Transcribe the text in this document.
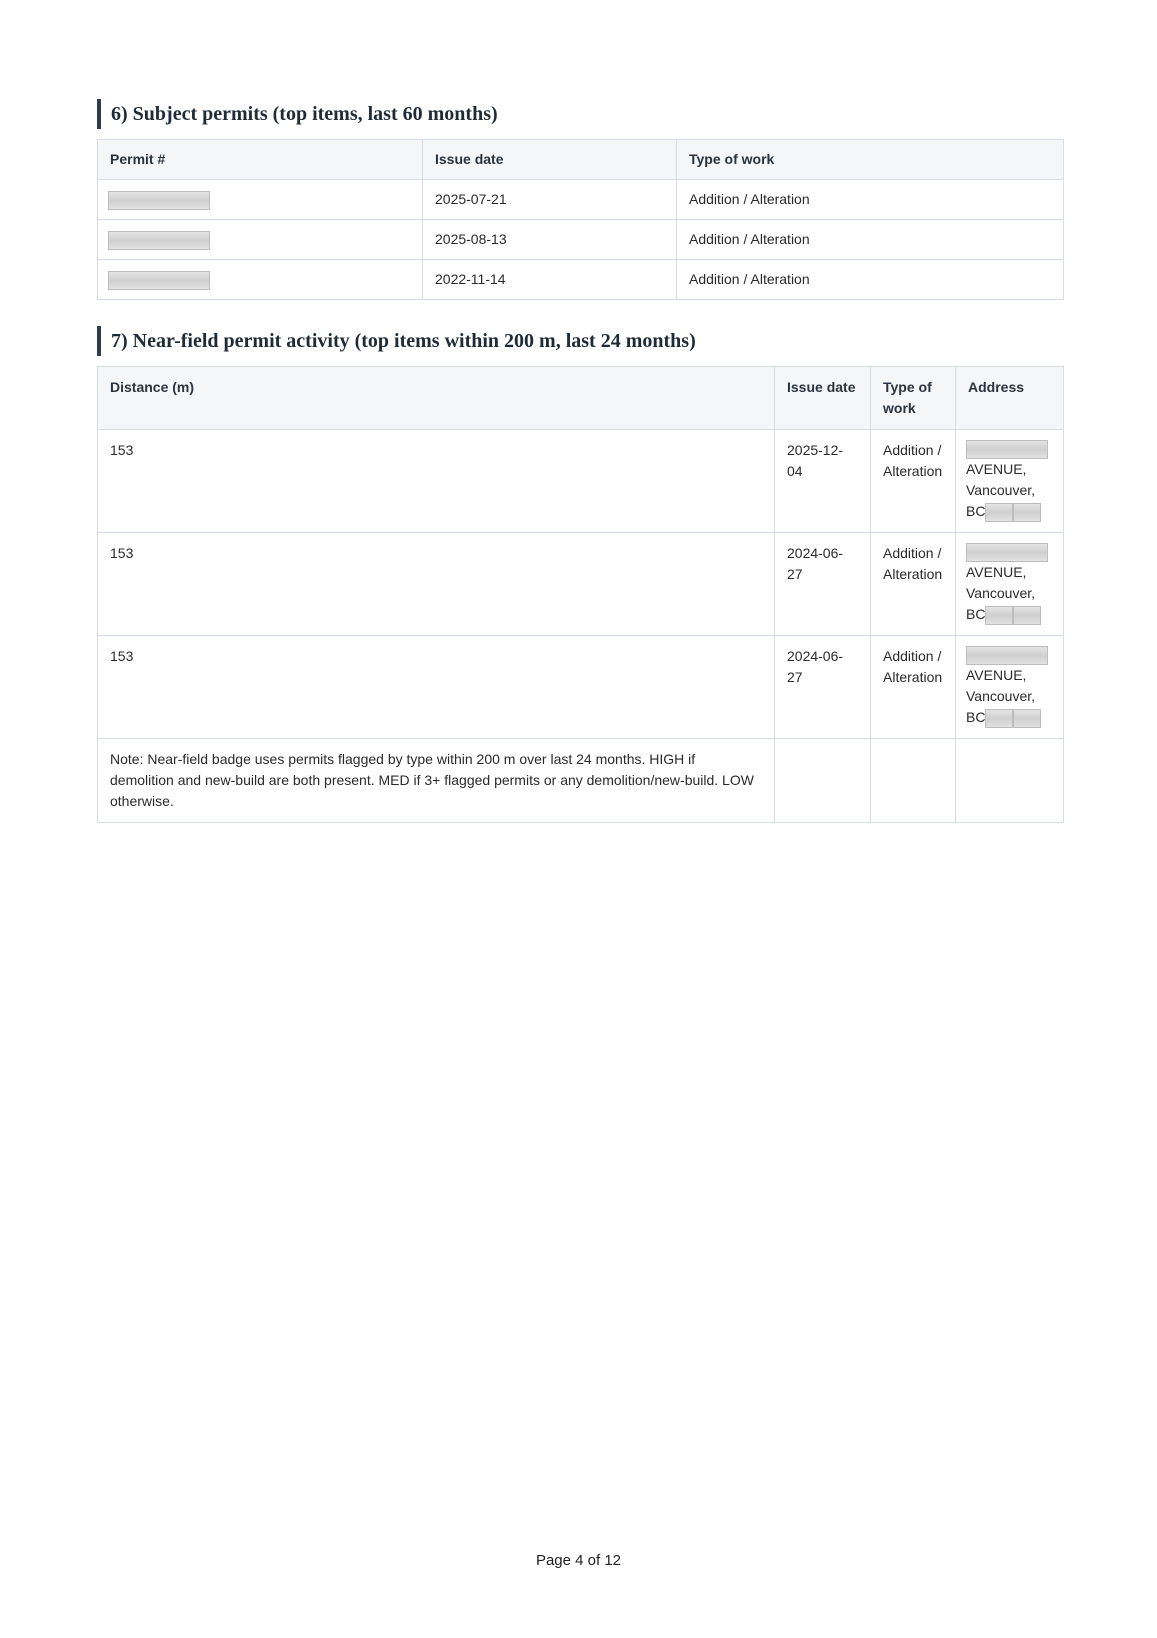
6) Subject permits (top items, last 60 months)
Permit #	Issue date	Type of work
	2025-07-21	Addition / Alteration
	2025-08-13	Addition / Alteration
	2022-11-14	Addition / Alteration
7) Near-field permit activity (top items within 200 m, last 24 months)
Distance (m)	Issue date	Type of work	Address
153	2025-12-04	Addition / Alteration	AVENUE,
Vancouver,
BC
153	2024-06-27	Addition / Alteration	AVENUE,
Vancouver,
BC
153	2024-06-27	Addition / Alteration	AVENUE,
Vancouver,
BC
Note: Near-field badge uses permits flagged by type within 200 m over last 24 months. HIGH if demolition and new-build are both present. MED if 3+ flagged permits or any demolition/new-build. LOW otherwise.			
Page 4 of 12
